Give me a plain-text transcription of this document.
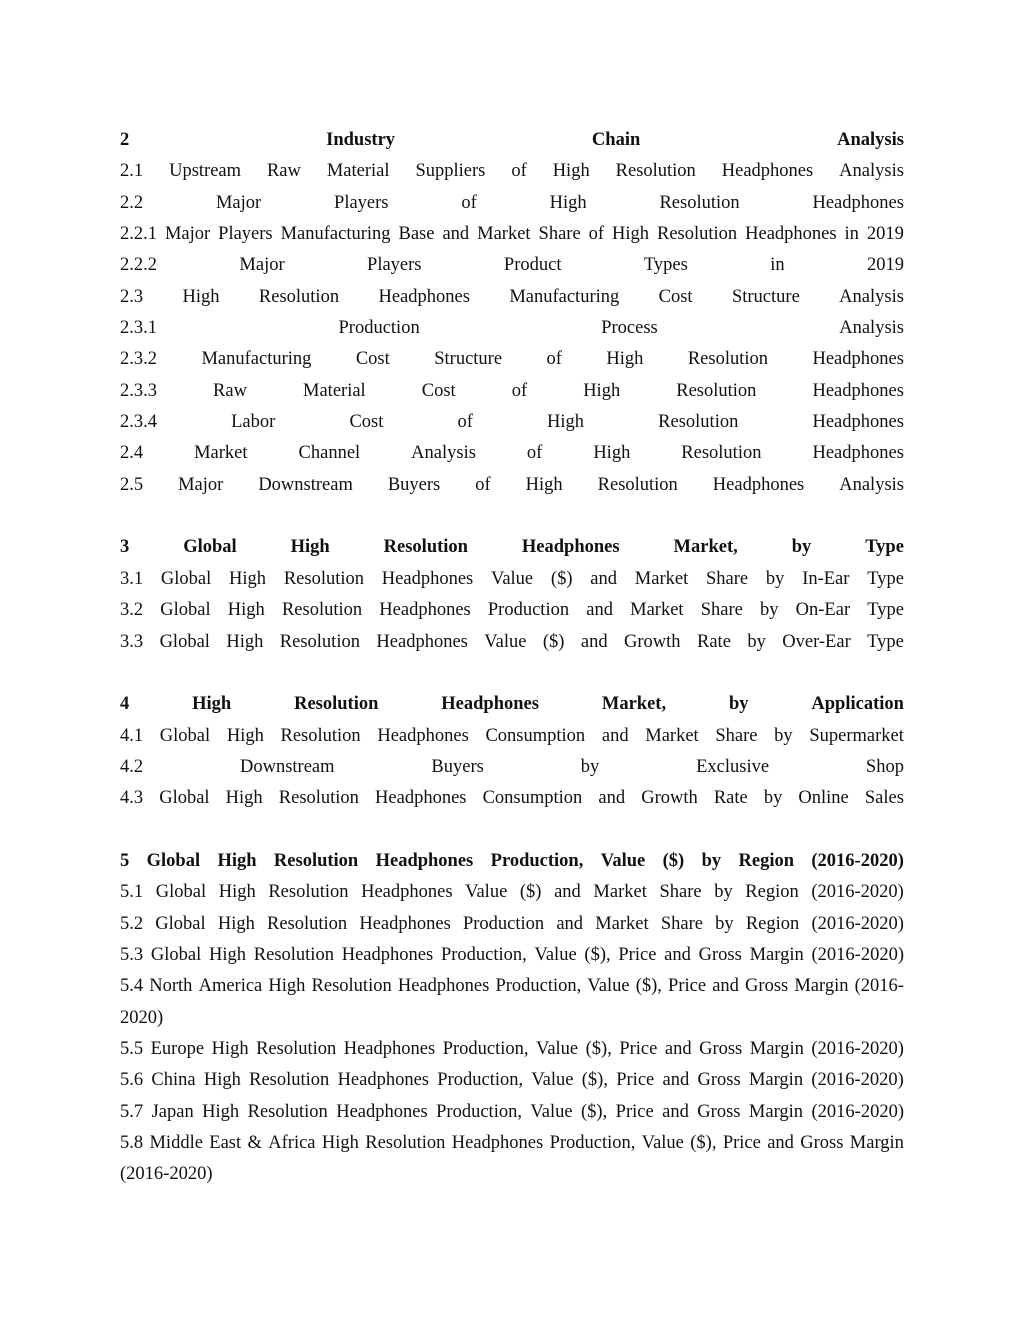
2	Industry	Chain	Analysis
2.1 Upstream Raw Material Suppliers of High Resolution Headphones Analysis
2.2	Major	Players	of	High	Resolution	Headphones
2.2.1 Major Players Manufacturing Base and Market Share of High Resolution Headphones in 2019
2.2.2	Major	Players	Product	Types	in	2019
2.3 High Resolution Headphones Manufacturing Cost Structure Analysis
2.3.1	Production	Process	Analysis
2.3.2 Manufacturing Cost Structure of High Resolution Headphones
2.3.3	Raw	Material	Cost	of	High	Resolution	Headphones
2.3.4	Labor	Cost	of	High	Resolution	Headphones
2.4	Market	Channel	Analysis	of	High	Resolution	Headphones
2.5 Major Downstream Buyers of High Resolution Headphones Analysis
3	Global	High	Resolution	Headphones	Market,	by	Type
3.1 Global High Resolution Headphones Value ($) and Market Share by In-Ear Type
3.2 Global High Resolution Headphones Production and Market Share by On-Ear Type
3.3 Global High Resolution Headphones Value ($) and Growth Rate by Over-Ear Type
4	High	Resolution	Headphones	Market,	by	Application
4.1 Global High Resolution Headphones Consumption and Market Share by Supermarket
4.2	Downstream	Buyers	by	Exclusive	Shop
4.3 Global High Resolution Headphones Consumption and Growth Rate by Online Sales
5 Global High Resolution Headphones Production, Value ($) by Region (2016-2020)
5.1 Global High Resolution Headphones Value ($) and Market Share by Region (2016-2020)
5.2 Global High Resolution Headphones Production and Market Share by Region (2016-2020)
5.3 Global High Resolution Headphones Production, Value ($), Price and Gross Margin (2016-2020)
5.4 North America High Resolution Headphones Production, Value ($), Price and Gross Margin (2016-
2020)
5.5 Europe High Resolution Headphones Production, Value ($), Price and Gross Margin (2016-2020)
5.6 China High Resolution Headphones Production, Value ($), Price and Gross Margin (2016-2020)
5.7 Japan High Resolution Headphones Production, Value ($), Price and Gross Margin (2016-2020)
5.8 Middle East & Africa High Resolution Headphones Production, Value ($), Price and Gross Margin
(2016-2020)
